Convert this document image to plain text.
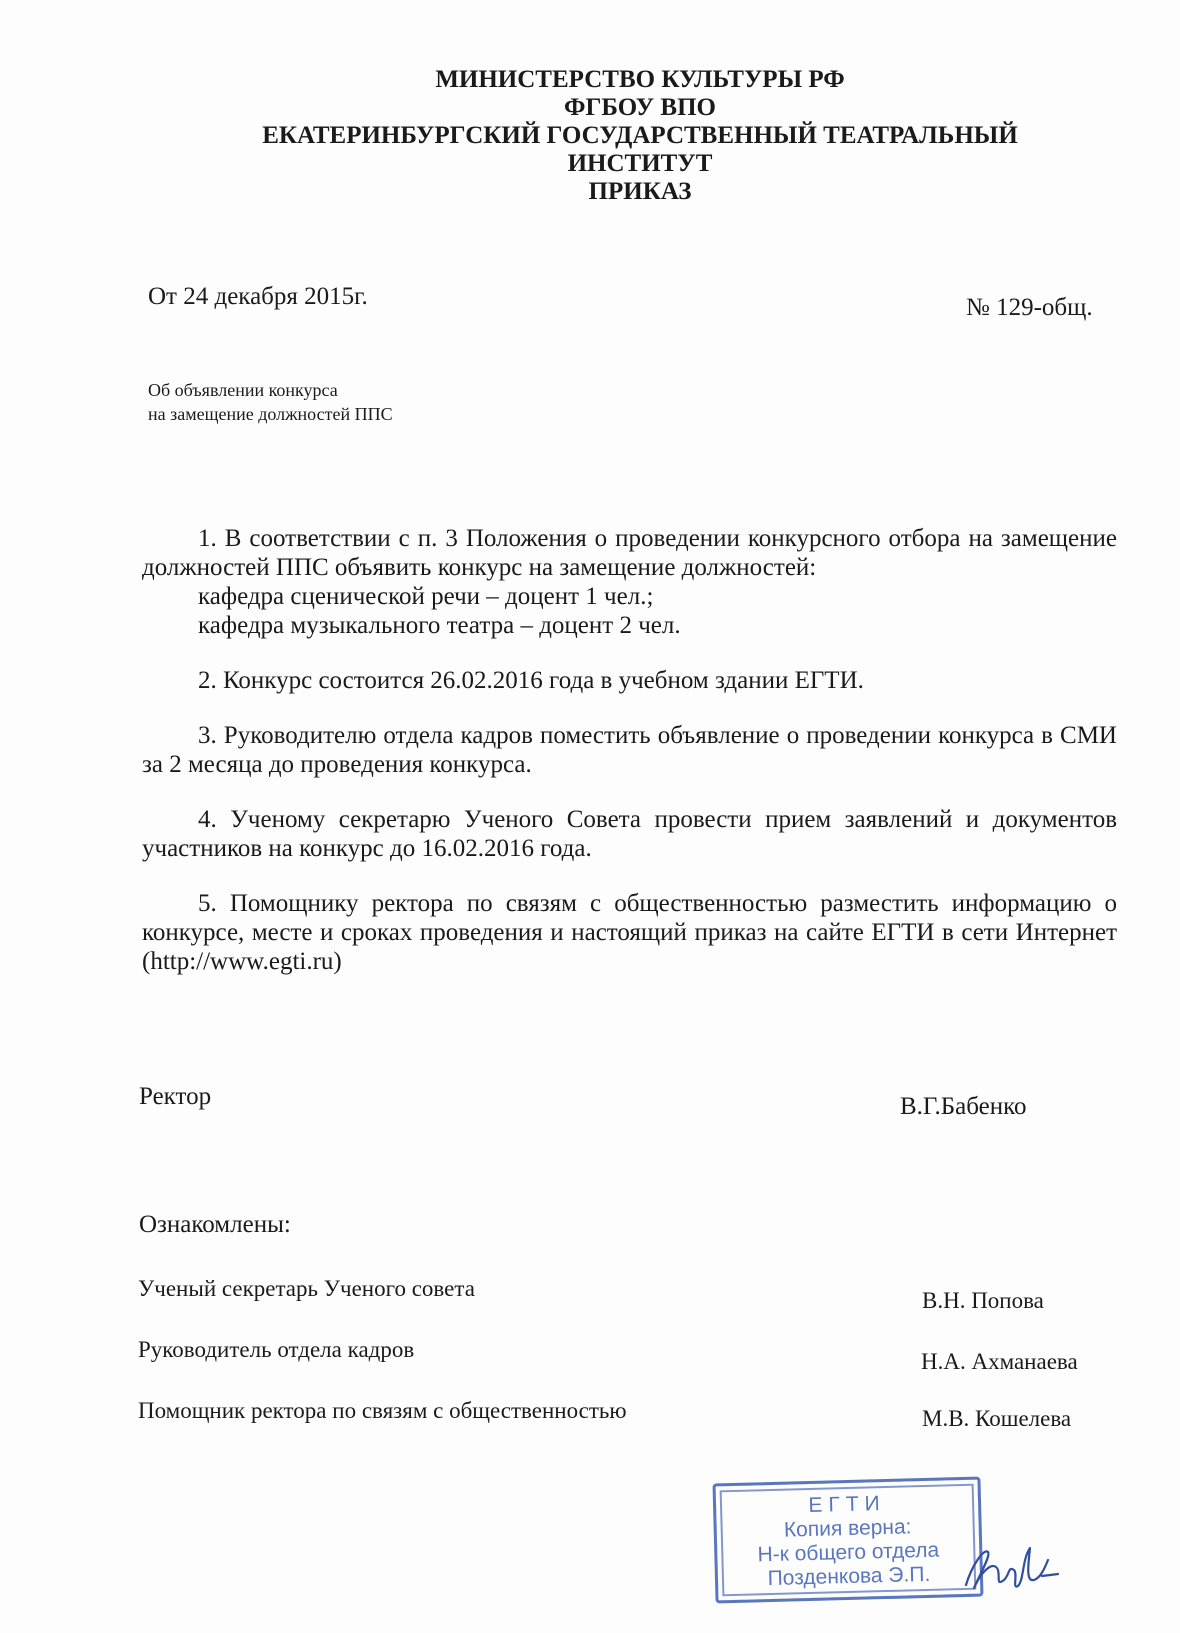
МИНИСТЕРСТВО КУЛЬТУРЫ РФ
ФГБОУ ВПО
ЕКАТЕРИНБУРГСКИЙ ГОСУДАРСТВЕННЫЙ ТЕАТРАЛЬНЫЙ
ИНСТИТУТ
ПРИКАЗ
От 24 декабря 2015г.	№ 129-общ.
Об объявлении конкурса
на замещение должностей ППС

1. В соответствии с п. 3 Положения о проведении конкурсного отбора на замещение должностей ППС объявить конкурс на замещение должностей:
кафедра сценической речи – доцент 1 чел.;
кафедра музыкального театра – доцент 2 чел.

2. Конкурс состоится 26.02.2016 года в учебном здании ЕГТИ.

3. Руководителю отдела кадров поместить объявление о проведении конкурса в СМИ за 2 месяца до проведения конкурса.

4. Ученому секретарю Ученого Совета провести прием заявлений и документов участников на конкурс до 16.02.2016 года.

5. Помощнику ректора по связям с общественностью разместить информацию о конкурсе, месте и сроках проведения и настоящий приказ на сайте ЕГТИ в сети Интернет (http://www.egti.ru)

Ректор	В.Г.Бабенко
Ознакомлены:
Ученый секретарь Ученого совета	В.Н. Попова
Руководитель отдела кадров	Н.А. Ахманаева
Помощник ректора по связям с общественностью	М.В. Кошелева
ЕГТИ
Копия верна:
Н-к общего отдела
Позденкова Э.П.
